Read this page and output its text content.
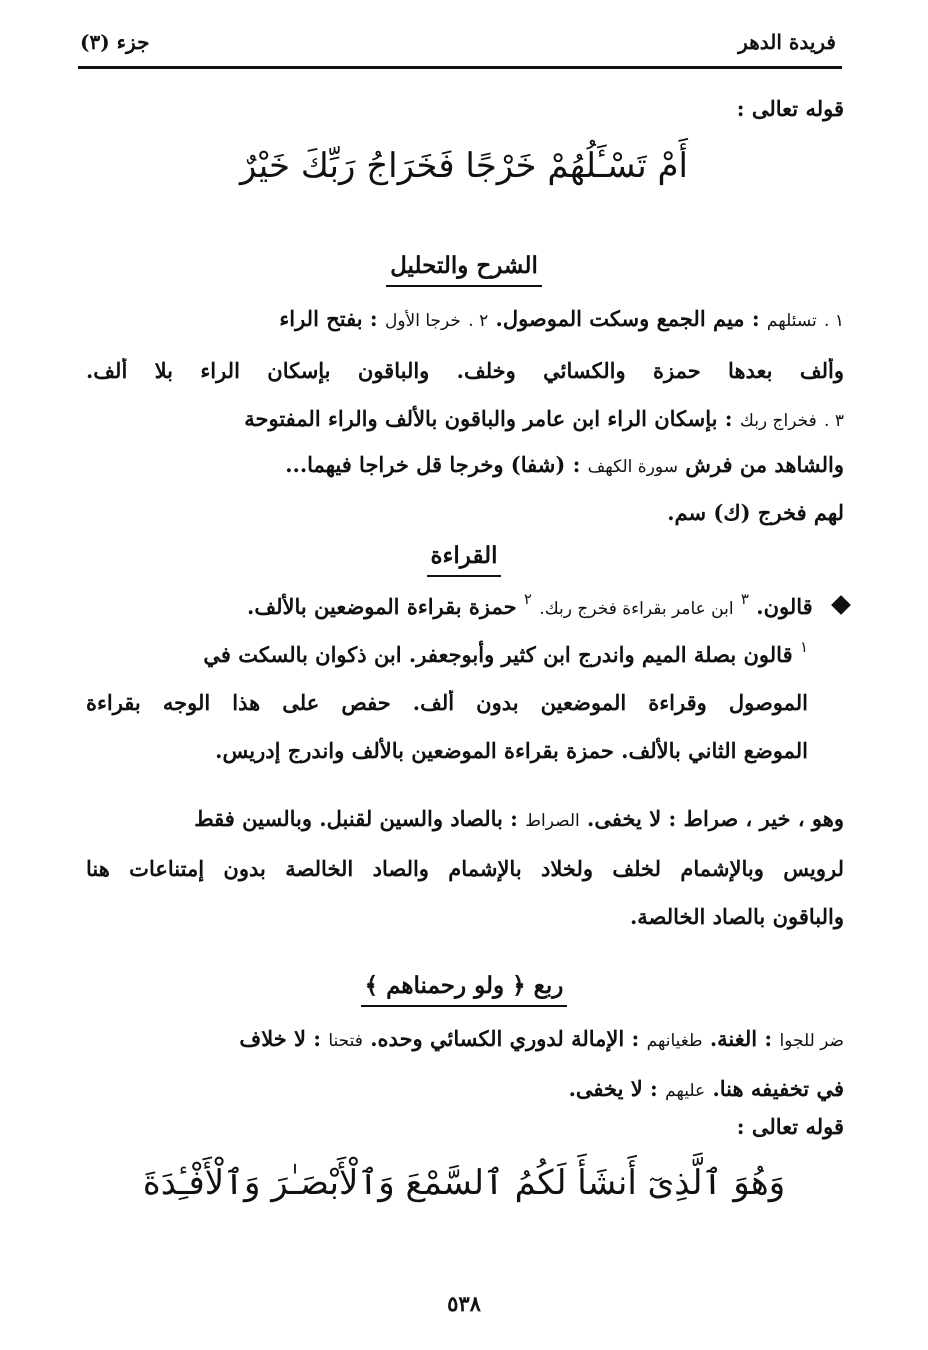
فريدة الدهر
جزء (٣)
قوله تعالى :
أَمْ تَسْـَٔلُهُمْ خَرْجًا فَخَرَاجُ رَبِّكَ خَيْرٌ
الشرح والتحليل
١ . تسئلهم : ميم الجمع وسكت الموصول. ٢ . خرجا الأول : بفتح الراء
وألف بعدها حمزة والكسائي وخلف. والباقون بإسكان الراء بلا ألف.
٣ . فخراج ربك : بإسكان الراء ابن عامر والباقون بالألف والراء المفتوحة
والشاهد من فرش سورة الكهف : (شفا) وخرجا قل خراجا فيهما...
لهم فخرج (ك) سم.
القراءة
قالون. $^٣$ ابن عامر بقراءة فخرج ربك. $^٢$ حمزة بقراءة الموضعين بالألف.
$^١$ قالون بصلة الميم واندرج ابن كثير وأبوجعفر. ابن ذكوان بالسكت في
الموصول وقراءة الموضعين بدون ألف. حفص على هذا الوجه بقراءة
الموضع الثاني بالألف. حمزة بقراءة الموضعين بالألف واندرج إدريس.
وهو ، خير ، صراط : لا يخفى. الصراط : بالصاد والسين لقنبل. وبالسين فقط
لرويس وبالإشمام لخلف ولخلاد بالإشمام والصاد الخالصة بدون إمتناعات هنا
والباقون بالصاد الخالصة.
ربع ﴿ ولو رحمناهم ﴾
ضر للجوا : الغنة. طغيانهم : الإمالة لدوري الكسائي وحده. فتحنا : لا خلاف
في تخفيفه هنا. عليهم : لا يخفى.
قوله تعالى :
وَهُوَ ٱلَّذِىٓ أَنشَأَ لَكُمُ ٱلسَّمْعَ وَٱلْأَبْصَـٰرَ وَٱلْأَفْـِٔدَةَ
٥٣٨
